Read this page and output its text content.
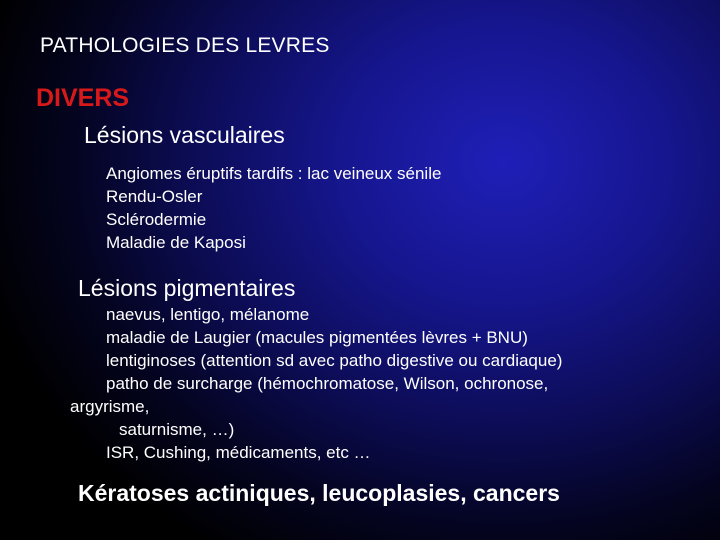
PATHOLOGIES DES LEVRES
DIVERS
Lésions vasculaires
Angiomes éruptifs tardifs : lac veineux sénile
Rendu-Osler
Sclérodermie
Maladie de Kaposi
Lésions pigmentaires
naevus, lentigo, mélanome
maladie de Laugier (macules pigmentées lèvres + BNU)
lentiginoses (attention sd avec patho digestive ou cardiaque)
patho de surcharge (hémochromatose, Wilson, ochronose,
argyrisme,
saturnisme, …)
ISR, Cushing, médicaments, etc …
Kératoses actiniques, leucoplasies, cancers
